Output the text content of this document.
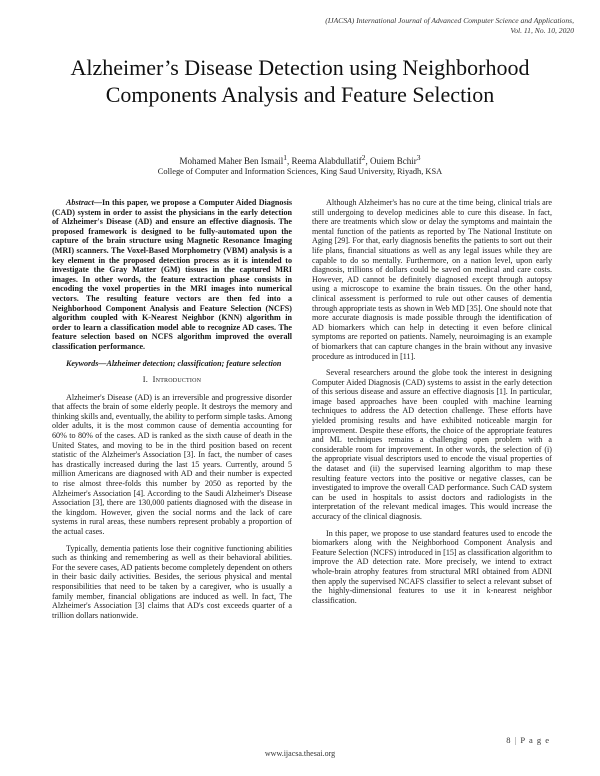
(IJACSA) International Journal of Advanced Computer Science and Applications,
Vol. 11, No. 10, 2020
Alzheimer’s Disease Detection using Neighborhood
Components Analysis and Feature Selection
Mohamed Maher Ben Ismail$^1$, Reema Alabdullatif$^2$, Ouiem Bchir$^3$
College of Computer and Information Sciences, King Saud University, Riyadh, KSA

Abstract—In this paper, we propose a Computer Aided Diagnosis (CAD) system in order to assist the physicians in the early detection of Alzheimer's Disease (AD) and ensure an effective diagnosis. The proposed framework is designed to be fully-automated upon the capture of the brain structure using Magnetic Resonance Imaging (MRI) scanners. The Voxel-Based Morphometry (VBM) analysis is a key element in the proposed detection process as it is intended to investigate the Gray Matter (GM) tissues in the captured MRI images. In other words, the feature extraction phase consists in encoding the voxel properties in the MRI images into numerical vectors. The resulting feature vectors are then fed into a Neighborhood Component Analysis and Feature Selection (NCFS) algorithm coupled with K-Nearest Neighbor (KNN) algorithm in order to learn a classification model able to recognize AD cases. The feature selection based on NCFS algorithm improved the overall classification performance.

Keywords—Alzheimer detection; classification; feature selection

I. Introduction

Alzheimer's Disease (AD) is an irreversible and progressive disorder that affects the brain of some elderly people. It destroys the memory and thinking skills and, eventually, the ability to perform simple tasks. Among older adults, it is the most common cause of dementia accounting for 60% to 80% of the cases. AD is ranked as the sixth cause of death in the United States, and moving to be in the third position based on recent statistic of the Alzheimer's Association [3]. In fact, the number of cases has drastically increased during the last 15 years. Currently, around 5 million Americans are diagnosed with AD and their number is expected to rise almost three-folds this number by 2050 as reported by the Alzheimer's Association [4]. According to the Saudi Alzheimer's Disease Association [3], there are 130,000 patients diagnosed with the disease in the kingdom. However, given the social norms and the lack of care systems in rural areas, these numbers represent probably a proportion of the actual cases.

Typically, dementia patients lose their cognitive functioning abilities such as thinking and remembering as well as their behavioral abilities. For the severe cases, AD patients become completely dependent on others in their basic daily activities. Besides, the serious physical and mental responsibilities that need to be taken by a caregiver, who is usually a family member, financial obligations are induced as well. In fact, The Alzheimer's Association [3] claims that AD's cost exceeds quarter of a trillion dollars nationwide.

Although Alzheimer's has no cure at the time being, clinical trials are still undergoing to develop medicines able to cure this disease. In fact, there are treatments which slow or delay the symptoms and maintain the mental function of the patients as reported by The National Institute on Aging [29]. For that, early diagnosis benefits the patients to sort out their life plans, financial situations as well as any legal issues while they are capable to do so mentally. Furthermore, on a nation level, upon early diagnosis, trillions of dollars could be saved on medical and care costs. However, AD cannot be definitely diagnosed except through autopsy using a microscope to examine the brain tissues. On the other hand, clinical assessment is performed to rule out other causes of dementia through appropriate tests as shown in Web MD [35]. One should note that more accurate diagnosis is made possible through the identification of AD biomarkers which can help in detecting it even before clinical symptoms are reported on patients. Namely, neuroimaging is an example of biomarkers that can capture changes in the brain without any invasive procedure as introduced in [11].

Several researchers around the globe took the interest in designing Computer Aided Diagnosis (CAD) systems to assist in the early detection of this serious disease and assure an effective diagnosis [1]. In particular, image based approaches have been coupled with machine learning techniques to address the AD detection challenge. These efforts have yielded promising results and have exhibited noticeable margin for improvement. Despite these efforts, the choice of the appropriate features and ML techniques remains a challenging open problem with a considerable room for improvement. In other words, the selection of (i) the appropriate visual descriptors used to encode the visual properties of the dataset and (ii) the supervised learning algorithm to map these resulting feature vectors into the positive or negative classes, can be investigated to improve the overall CAD performance. Such CAD system can be used in hospitals to assist doctors and radiologists in the interpretation of the relevant medical images. This would increase the accuracy of the clinical diagnosis.

In this paper, we propose to use standard features used to encode the biomarkers along with the Neighborhood Component Analysis and Feature Selection (NCFS) introduced in [15] as classification algorithm to improve the AD detection rate. More precisely, we intend to extract whole-brain atrophy features from structural MRI obtained from ADNI then apply the supervised NCAFS classifier to select a relevant subset of the highly-dimensional features to use it in k-nearest neighbor classification.

8 | P a g e
www.ijacsa.thesai.org
